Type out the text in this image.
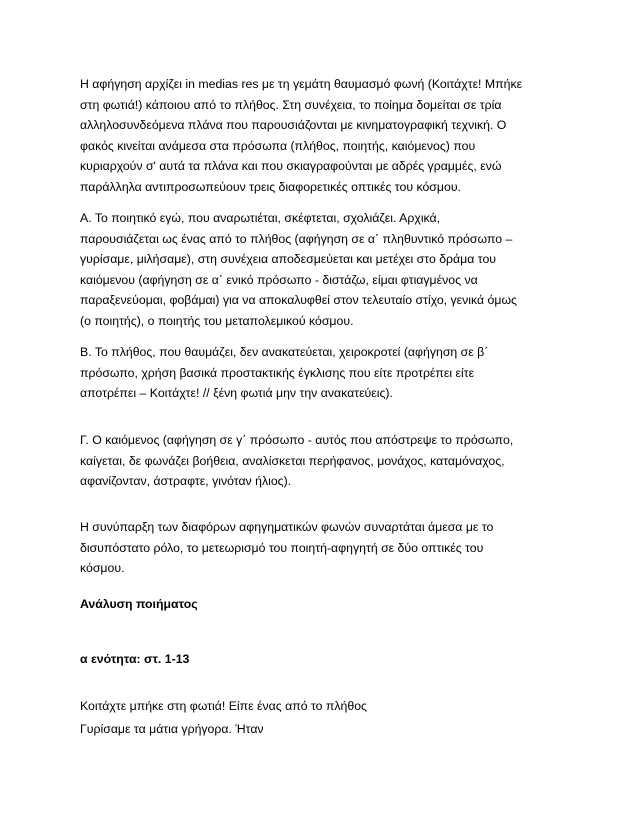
Η αφήγηση αρχίζει in medias res με τη γεμάτη θαυμασμό φωνή (Κοιτάχτε! Μπήκε
στη φωτιά!) κάποιου από το πλήθος. Στη συνέχεια, το ποίημα δομείται σε τρία
αλληλοσυνδεόμενα πλάνα που παρουσιάζονται με κινηματογραφική τεχνική. Ο
φακός κινείται ανάμεσα στα πρόσωπα (πλήθος, ποιητής, καιόμενος) που
κυριαρχούν σ' αυτά τα πλάνα και που σκιαγραφούνται με αδρές γραμμές, ενώ
παράλληλα αντιπροσωπεύουν τρεις διαφορετικές οπτικές του κόσμου.

Α. Το ποιητικό εγώ, που αναρωτιέται, σκέφτεται, σχολιάζει. Αρχικά,
παρουσιάζεται ως ένας από το πλήθος (αφήγηση σε α΄ πληθυντικό πρόσωπο –
γυρίσαμε, μιλήσαμε), στη συνέχεια αποδεσμεύεται και μετέχει στο δράμα του
καιόμενου (αφήγηση σε α΄ ενικό πρόσωπο - διστάζω, είμαι φτιαγμένος να
παραξενεύομαι, φοβάμαι) για να αποκαλυφθεί στον τελευταίο στίχο, γενικά όμως
(ο ποιητής), ο ποιητής του μεταπολεμικού κόσμου.

Β. Το πλήθος, που θαυμάζει, δεν ανακατεύεται, χειροκροτεί (αφήγηση σε β΄
πρόσωπο, χρήση βασικά προστακτικής έγκλισης που είτε προτρέπει είτε
αποτρέπει – Κοιτάχτε! // ξένη φωτιά μην την ανακατεύεις).

Γ. Ο καιόμενος (αφήγηση σε γ΄ πρόσωπο - αυτός που απόστρεψε το πρόσωπο,
καίγεται, δε φωνάζει βοήθεια, αναλίσκεται περήφανος, μονάχος, καταμόναχος,
αφανίζονταν, άστραφτε, γινόταν ήλιος).

Η συνύπαρξη των διαφόρων αφηγηματικών φωνών συναρτάται άμεσα με το
δισυπόστατο ρόλο, το μετεωρισμό του ποιητή-αφηγητή σε δύο οπτικές του
κόσμου.

Ανάλυση ποιήματος

α ενότητα: στ. 1-13

Κοιτάχτε μπήκε στη φωτιά! Είπε ένας από το πλήθος

Γυρίσαμε τα μάτια γρήγορα. Ήταν
